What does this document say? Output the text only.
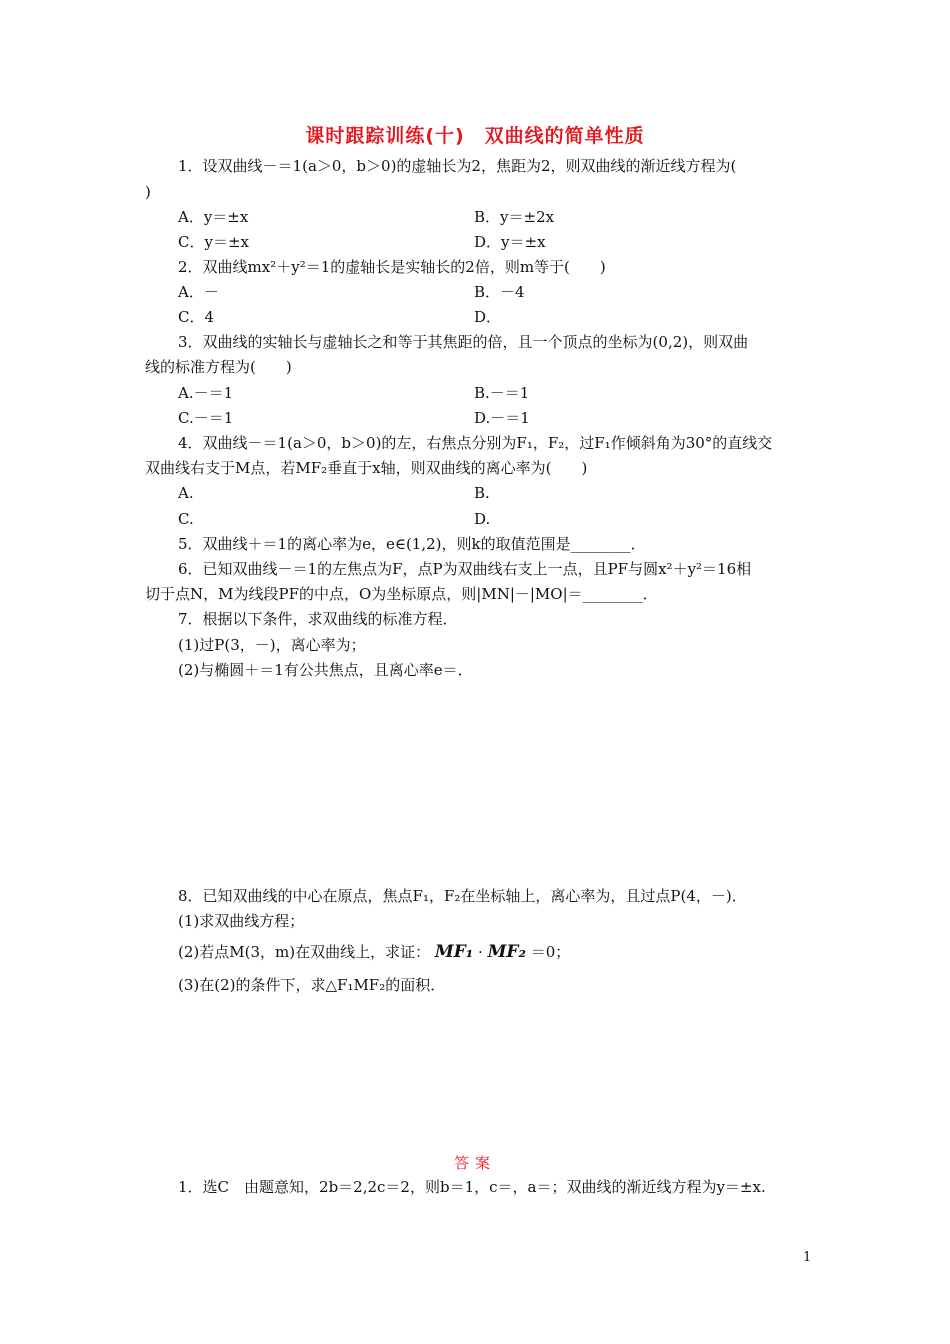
课时跟踪训练(十)　双曲线的简单性质
1．设双曲线－＝1(a＞0，b＞0)的虚轴长为2，焦距为2，则双曲线的渐近线方程为(
)
A．y＝±x	B．y＝±2x
C．y＝±x	D．y＝±x
2．双曲线mx²＋y²＝1的虚轴长是实轴长的2倍，则m等于(　　)
A．－	B．－4
C．4	D．
3．双曲线的实轴长与虚轴长之和等于其焦距的倍，且一个顶点的坐标为(0,2)，则双曲
线的标准方程为(　　)
A.－＝1	B.－＝1
C.－＝1	D.－＝1
4．双曲线－＝1(a＞0，b＞0)的左，右焦点分别为F₁，F₂，过F₁作倾斜角为30°的直线交
双曲线右支于M点，若MF₂垂直于x轴，则双曲线的离心率为(　　)
A.	B.
C.	D.
5．双曲线＋＝1的离心率为e，e∈(1,2)，则k的取值范围是________．
6．已知双曲线－＝1的左焦点为F，点P为双曲线右支上一点，且PF与圆x²＋y²＝16相
切于点N，M为线段PF的中点，O为坐标原点，则|MN|－|MO|＝________．
7．根据以下条件，求双曲线的标准方程．
(1)过P(3，－)，离心率为；
(2)与椭圆＋＝1有公共焦点，且离心率e＝．
8．已知双曲线的中心在原点，焦点F₁，F₂在坐标轴上，离心率为，且过点P(4，－)．
(1)求双曲线方程；
(2)若点M(3，m)在双曲线上，求证： MF₁ · MF₂ ＝0；
(3)在(2)的条件下，求△F₁MF₂的面积．
答案
1．选C　由题意知，2b＝2,2c＝2，则b＝1，c＝，a＝；双曲线的渐近线方程为y＝±x.
1
